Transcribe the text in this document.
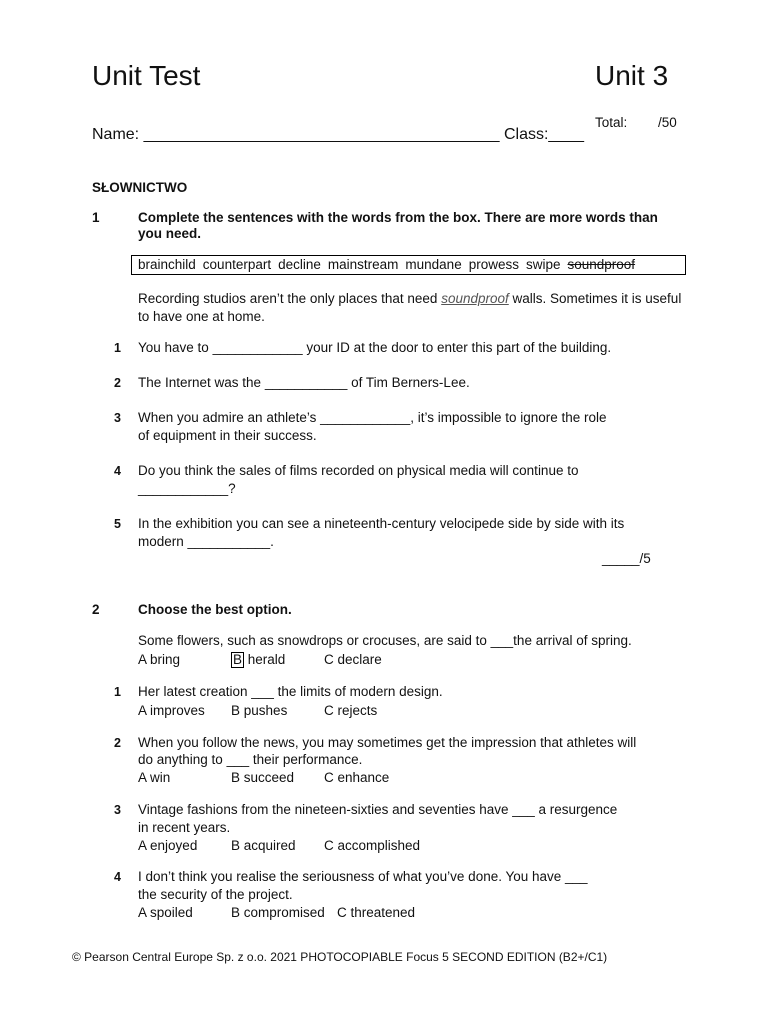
Unit Test	Unit 3
Total: /50
Name: ________________________________________ Class:____
SŁOWNICTWO
1	Complete the sentences with the words from the box. There are more words than you need.
brainchild counterpart decline mainstream mundane prowess swipe soundproof
Recording studios aren’t the only places that need soundproof walls. Sometimes it is useful to have one at home.
1 You have to ____________ your ID at the door to enter this part of the building.
2 The Internet was the ___________ of Tim Berners-Lee.
3 When you admire an athlete’s ____________, it’s impossible to ignore the role
of equipment in their success.
4 Do you think the sales of films recorded on physical media will continue to
____________?
5 In the exhibition you can see a nineteenth-century velocipede side by side with its
modern ___________.
_____/5
2	Choose the best option.
Some flowers, such as snowdrops or crocuses, are said to ___the arrival of spring.
A bring	B herald	C declare
1 Her latest creation ___ the limits of modern design.
A improves B pushes	C rejects
2 When you follow the news, you may sometimes get the impression that athletes will
do anything to ___ their performance.
A win	B succeed C enhance
3 Vintage fashions from the nineteen-sixties and seventies have ___ a resurgence
in recent years.
A enjoyed B acquired C accomplished
4 I don’t think you realise the seriousness of what you’ve done. You have ___
the security of the project.
A spoiled	B compromised C threatened
© Pearson Central Europe Sp. z o.o. 2021 PHOTOCOPIABLE Focus 5 SECOND EDITION (B2+/C1)
